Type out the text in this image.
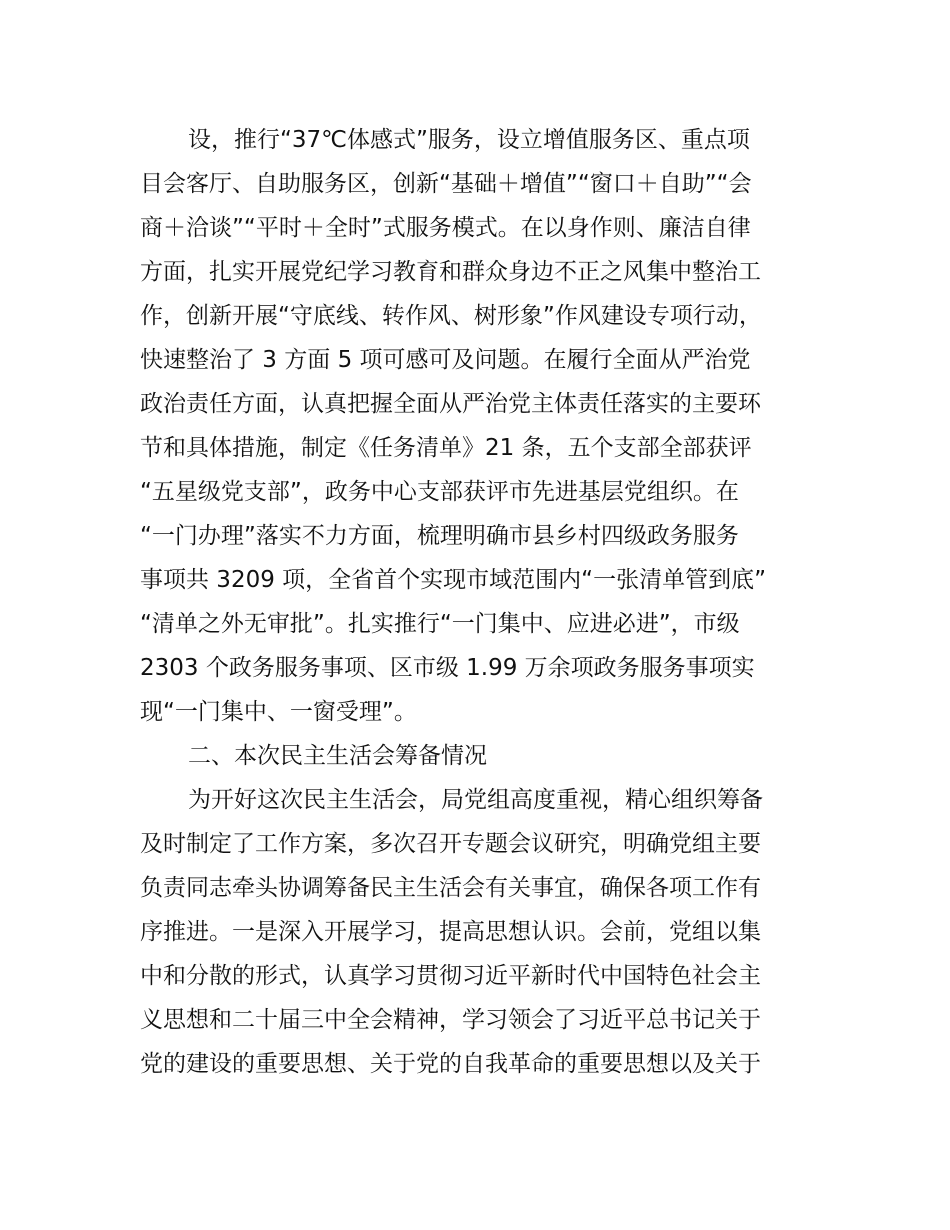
设，推行“37℃体感式”服务，设立增值服务区、重点项
目会客厅、自助服务区，创新“基础＋增值”“窗口＋自助”“会
商＋洽谈”“平时＋全时”式服务模式。在以身作则、廉洁自律
方面，扎实开展党纪学习教育和群众身边不正之风集中整治工
作，创新开展“守底线、转作风、树形象”作风建设专项行动，
快速整治了 3 方面 5 项可感可及问题。在履行全面从严治党
政治责任方面，认真把握全面从严治党主体责任落实的主要环
节和具体措施，制定《任务清单》21 条，五个支部全部获评
“五星级党支部”，政务中心支部获评市先进基层党组织。在
“一门办理”落实不力方面，梳理明确市县乡村四级政务服务
事项共 3209 项，全省首个实现市域范围内“一张清单管到底”
“清单之外无审批”。扎实推行“一门集中、应进必进”，市级
2303 个政务服务事项、区市级 1.99 万余项政务服务事项实
现“一门集中、一窗受理”。
二、本次民主生活会筹备情况
为开好这次民主生活会，局党组高度重视，精心组织筹备
及时制定了工作方案，多次召开专题会议研究，明确党组主要
负责同志牵头协调筹备民主生活会有关事宜，确保各项工作有
序推进。一是深入开展学习，提高思想认识。会前，党组以集
中和分散的形式，认真学习贯彻习近平新时代中国特色社会主
义思想和二十届三中全会精神，学习领会了习近平总书记关于
党的建设的重要思想、关于党的自我革命的重要思想以及关于
